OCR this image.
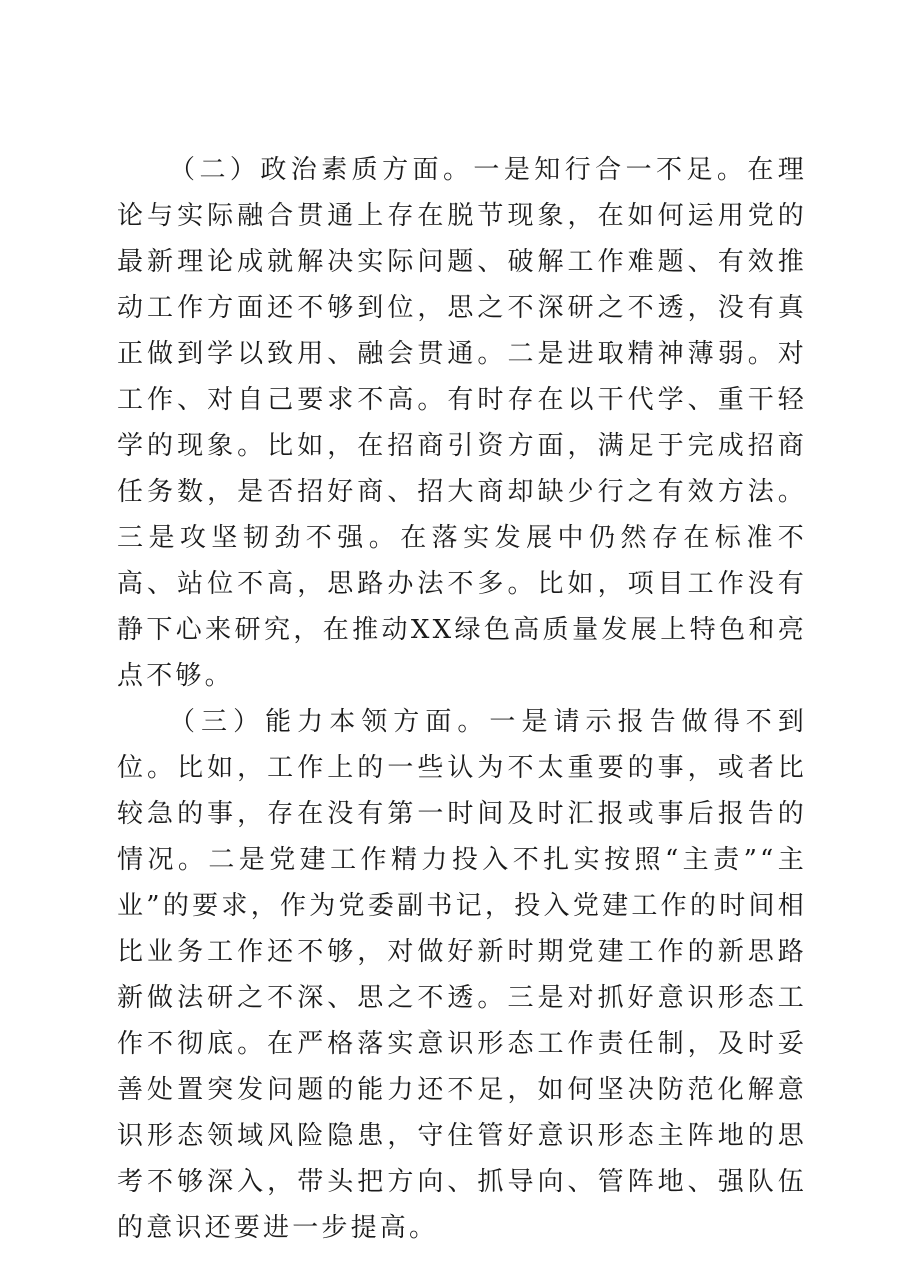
（二）政治素质方面。一是知行合一不足。在理论与实际融合贯通上存在脱节现象，在如何运用党的最新理论成就解决实际问题、破解工作难题、有效推动工作方面还不够到位，思之不深研之不透，没有真正做到学以致用、融会贯通。二是进取精神薄弱。对工作、对自己要求不高。有时存在以干代学、重干轻学的现象。比如，在招商引资方面，满足于完成招商任务数，是否招好商、招大商却缺少行之有效方法。三是攻坚韧劲不强。在落实发展中仍然存在标准不高、站位不高，思路办法不多。比如，项目工作没有静下心来研究，在推动XX绿色高质量发展上特色和亮点不够。

（三）能力本领方面。一是请示报告做得不到位。比如，工作上的一些认为不太重要的事，或者比较急的事，存在没有第一时间及时汇报或事后报告的情况。二是党建工作精力投入不扎实按照“主责”“主业”的要求，作为党委副书记，投入党建工作的时间相比业务工作还不够，对做好新时期党建工作的新思路新做法研之不深、思之不透。三是对抓好意识形态工作不彻底。在严格落实意识形态工作责任制，及时妥善处置突发问题的能力还不足，如何坚决防范化解意识形态领域风险隐患，守住管好意识形态主阵地的思考不够深入，带头把方向、抓导向、管阵地、强队伍的意识还要进一步提高。
